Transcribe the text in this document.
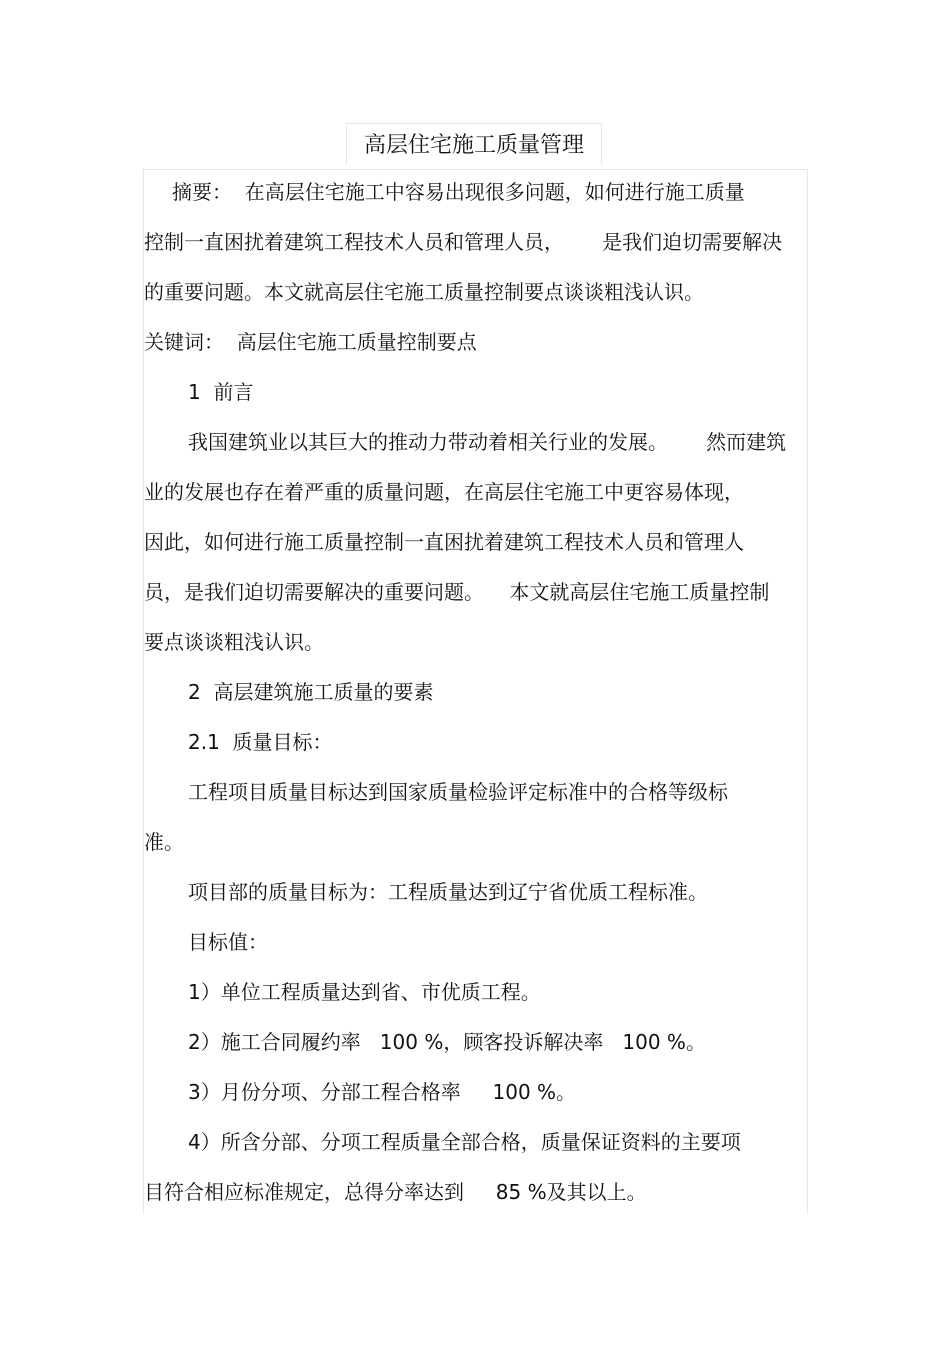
高层住宅施工质量管理
摘要：  在高层住宅施工中容易出现很多问题，如何进行施工质量
控制一直困扰着建筑工程技术人员和管理人员，      是我们迫切需要解决
的重要问题。本文就高层住宅施工质量控制要点谈谈粗浅认识。
关键词：  高层住宅施工质量控制要点
1  前言
我国建筑业以其巨大的推动力带动着相关行业的发展。      然而建筑
业的发展也存在着严重的质量问题，在高层住宅施工中更容易体现，
因此，如何进行施工质量控制一直困扰着建筑工程技术人员和管理人
员，是我们迫切需要解决的重要问题。    本文就高层住宅施工质量控制
要点谈谈粗浅认识。
2  高层建筑施工质量的要素
2.1  质量目标：
工程项目质量目标达到国家质量检验评定标准中的合格等级标
准。
项目部的质量目标为：工程质量达到辽宁省优质工程标准。
目标值：
1）单位工程质量达到省、市优质工程。
2）施工合同履约率   100 %，顾客投诉解决率   100 %。
3）月份分项、分部工程合格率     100 %。
4）所含分部、分项工程质量全部合格，质量保证资料的主要项
目符合相应标准规定，总得分率达到     85 %及其以上。
